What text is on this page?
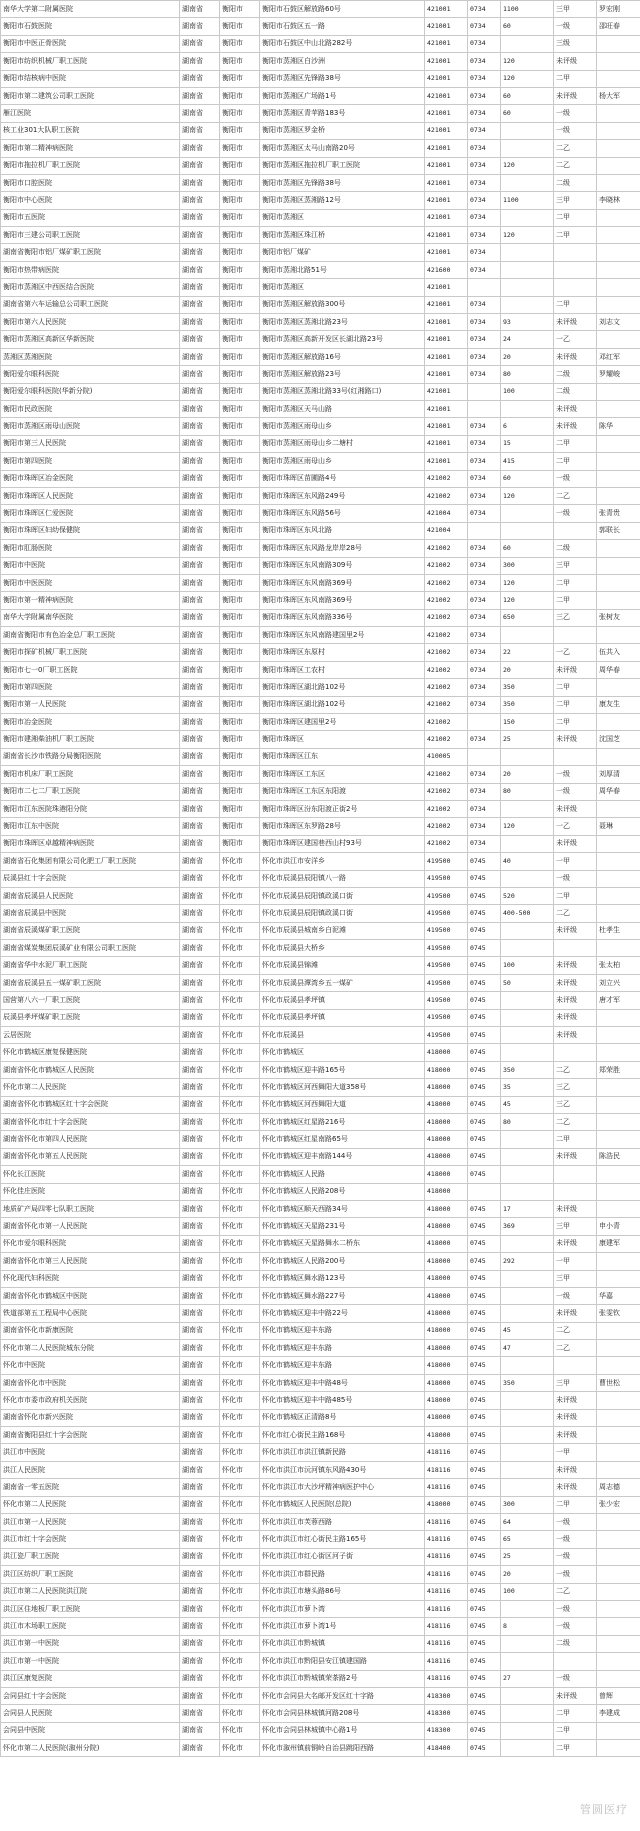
南华大学第二附属医院	湖南省	衡阳市	衡阳市石鼓区解放路60号	421001	0734	1100	三甲	罗宏刚
衡阳市石鼓医院	湖南省	衡阳市	衡阳市石鼓区五一路	421001	0734	60	一级	邵旺春
衡阳市中医正骨医院	湖南省	衡阳市	衡阳市石鼓区中山北路282号	421001	0734		三级	
衡阳市纺织机械厂职工医院	湖南省	衡阳市	衡阳市蒸湘区白沙洲	421001	0734	120	未评级	
衡阳市结核病中医院	湖南省	衡阳市	衡阳市蒸湘区先锋路38号	421001	0734	120	二甲	
衡阳市第二建筑公司职工医院	湖南省	衡阳市	衡阳市蒸湘区广场路1号	421001	0734	60	未评级	杨大军
雁江医院	湖南省	衡阳市	衡阳市蒸湘区青苹路183号	421001	0734	60	一级	
核工业301大队职工医院	湖南省	衡阳市	衡阳市蒸湘区罗金桥	421001	0734		一级	
衡阳市第二精神病医院	湖南省	衡阳市	衡阳市蒸湘区太马山南路20号	421001	0734		二乙	
衡阳市拖拉机厂职工医院	湖南省	衡阳市	衡阳市蒸湘区拖拉机厂职工医院	421001	0734	120	二乙	
衡阳市口腔医院	湖南省	衡阳市	衡阳市蒸湘区先锋路38号	421001	0734		二级	
衡阳市中心医院	湖南省	衡阳市	衡阳市蒸湘区蒸湘路12号	421001	0734	1100	三甲	李晓林
衡阳市五医院	湖南省	衡阳市	衡阳市蒸湘区	421001	0734		二甲	
衡阳市三建公司职工医院	湖南省	衡阳市	衡阳市蒸湘区珠江桥	421001	0734	120	二甲	
湖南省衡阳市铝厂煤矿职工医院	湖南省	衡阳市	衡阳市铝厂煤矿	421001	0734			
衡阳市热带病医院	湖南省	衡阳市	衡阳市蒸湘北路51号	421600	0734			
衡阳市蒸湘区中西医结合医院	湖南省	衡阳市	衡阳市蒸湘区	421001				
湖南省第六车运输总公司职工医院	湖南省	衡阳市	衡阳市蒸湘区解放路300号	421001	0734		二甲	
衡阳市第六人民医院	湖南省	衡阳市	衡阳市蒸湘区蒸湘北路23号	421001	0734	93	未评级	刘志文
衡阳市蒸湘区高新区华新医院	湖南省	衡阳市	衡阳市蒸湘区高新开发区长湖北路23号	421001	0734	24	一乙	
蒸湘区蒸湘医院	湖南省	衡阳市	衡阳市蒸湘区解放路16号	421001	0734	20	未评级	邓红军
衡阳爱尔眼科医院	湖南省	衡阳市	衡阳市蒸湘区解放路23号	421001	0734	80	二级	罗耀峻
衡阳爱尔眼科医院(华新分院)	湖南省	衡阳市	衡阳市蒸湘区蒸湘北路33号(红湘路口)	421001		100	二级	
衡阳市民政医院	湖南省	衡阳市	衡阳市蒸湘区天马山路	421001			未评级	
衡阳市蒸湘区雨母山医院	湖南省	衡阳市	衡阳市蒸湘区雨母山乡	421001	0734	6	未评级	陈华
衡阳市第三人民医院	湖南省	衡阳市	衡阳市蒸湘区雨母山乡二塘村	421001	0734	15	二甲	
衡阳市第四医院	湖南省	衡阳市	衡阳市蒸湘区雨母山乡	421001	0734	415	二甲	
衡阳市珠晖区冶金医院	湖南省	衡阳市	衡阳市珠晖区苗圃路4号	421002	0734	60	一级	
衡阳市珠晖区人民医院	湖南省	衡阳市	衡阳市珠晖区东风路249号	421002	0734	120	二乙	
衡阳市珠晖区仁爱医院	湖南省	衡阳市	衡阳市珠晖区东风路56号	421004	0734		一级	张青贵
衡阳市珠晖区妇幼保健院	湖南省	衡阳市	衡阳市珠晖区东风北路	421004				郭联长
衡阳市肛肠医院	湖南省	衡阳市	衡阳市珠晖区东风路龙岸岸28号	421002	0734	60	二级	
衡阳市中医院	湖南省	衡阳市	衡阳市珠晖区东风南路309号	421002	0734	300	三甲	
衡阳市中医医院	湖南省	衡阳市	衡阳市珠晖区东风南路369号	421002	0734	120	二甲	
衡阳市第一精神病医院	湖南省	衡阳市	衡阳市珠晖区东风南路369号	421002	0734	120	二甲	
南华大学附属南华医院	湖南省	衡阳市	衡阳市珠晖区东风南路336号	421002	0734	650	三乙	张树友
湖南省衡阳市有色冶金总厂职工医院	湖南省	衡阳市	衡阳市珠晖区东风南路建国里2号	421002	0734			
衡阳市探矿机械厂职工医院	湖南省	衡阳市	衡阳市珠晖区东原村	421002	0734	22	一乙	伍共入
衡阳市七一0厂职工医院	湖南省	衡阳市	衡阳市珠晖区工农村	421002	0734	20	未评级	周华春
衡阳市第四医院	湖南省	衡阳市	衡阳市珠晖区湖北路102号	421002	0734	350	二甲	
衡阳市第一人民医院	湖南省	衡阳市	衡阳市珠晖区湖北路102号	421002	0734	350	二甲	康友生
衡阳市冶金医院	湖南省	衡阳市	衡阳市珠晖区建国里2号	421002		150	二甲	
衡阳市建湘柴油机厂职工医院	湖南省	衡阳市	衡阳市珠晖区	421002	0734	25	未评级	沈国芝
湖南省长沙市铁路分局衡阳医院	湖南省	衡阳市	衡阳市珠晖区江东	410005				
衡阳市机床厂职工医院	湖南省	衡阳市	衡阳市珠晖区工东区	421002	0734	20	一级	刘厚清
衡阳市二七二厂职工医院	湖南省	衡阳市	衡阳市珠晖区工东区东阳渡	421002	0734	80	一级	周华春
衡阳市江东医院珠港阳分院	湖南省	衡阳市	衡阳市珠晖区汾东阳渡正街2号	421002	0734		未评级	
衡阳市江东中医院	湖南省	衡阳市	衡阳市珠晖区东罗路28号	421002	0734	120	一乙	聂琳
衡阳市珠晖区卓越精神病医院	湖南省	衡阳市	衡阳市珠晖区建国巷西山村93号	421002	0734		未评级	
湖南省石化集团有限公司化肥工厂职工医院	湖南省	怀化市	怀化市洪江市安洋乡	419500	0745	40	一甲	
辰溪县红十字会医院	湖南省	怀化市	怀化市辰溪县辰阳镇八一路	419500	0745		一级	
湖南省辰溪县人民医院	湖南省	怀化市	怀化市辰溪县辰阳镇政溪口街	419500	0745	520	二甲	
湖南省辰溪县中医院	湖南省	怀化市	怀化市辰溪县辰阳镇政溪口街	419500	0745	400-500	二乙	
湖南省辰溪煤矿职工医院	湖南省	怀化市	怀化市辰溪县城南乡白泥滩	419500	0745		未评级	杜孝生
湖南省煤炭集团辰溪矿业有限公司职工医院	湖南省	怀化市	怀化市辰溪县大桥乡	419500	0745			
湖南省华中水泥厂职工医院	湖南省	怀化市	怀化市辰溪县锦滩	419500	0745	100	未评级	张太柏
湖南省辰溪县五一煤矿职工医院	湖南省	怀化市	怀化市辰溪县潭湾乡五一煤矿	419500	0745	50	未评级	刘立兴
国营第八六一厂职工医院	湖南省	怀化市	怀化市辰溪县孝坪镇	419500	0745		未评级	唐才军
辰溪县孝坪煤矿职工医院	湖南省	怀化市	怀化市辰溪县孝坪镇	419500	0745		未评级	
云居医院	湖南省	怀化市	怀化市辰溪县	419500	0745		未评级	
怀化市鹤城区康复保健医院	湖南省	怀化市	怀化市鹤城区	418000	0745			
湖南省怀化市鹤城区人民医院	湖南省	怀化市	怀化市鹤城区迎丰路165号	418000	0745	350	二乙	郑荣胜
怀化市第二人民医院	湖南省	怀化市	怀化市鹤城区河西舞阳大道358号	418000	0745	35	三乙	
湖南省怀化市鹤城区红十字会医院	湖南省	怀化市	怀化市鹤城区河西舞阳大道	418000	0745	45	三乙	
湖南省怀化市红十字会医院	湖南省	怀化市	怀化市鹤城区红星路216号	418000	0745	80	二乙	
湖南省怀化市第四人民医院	湖南省	怀化市	怀化市鹤城区红星南路65号	418000	0745		二甲	
湖南省怀化市第五人民医院	湖南省	怀化市	怀化市鹤城区迎丰南路144号	418000	0745		未评级	陈浩民
怀化长江医院	湖南省	怀化市	怀化市鹤城区人民路	418000	0745			
怀化佳庄医院	湖南省	怀化市	怀化市鹤城区人民路208号	418000				
地质矿产局四零七队职工医院	湖南省	怀化市	怀化市鹤城区顺天西路34号	418000	0745	17	未评级	
湖南省怀化市第一人民医院	湖南省	怀化市	怀化市鹤城区天星路231号	418000	0745	369	三甲	申小青
怀化市爱尔眼科医院	湖南省	怀化市	怀化市鹤城区天星路舞水二桥东	418000	0745		未评级	康建军
湖南省怀化市第三人民医院	湖南省	怀化市	怀化市鹤城区人民路200号	418000	0745	292	一甲	
怀化现代妇科医院	湖南省	怀化市	怀化市鹤城区舞水路123号	418000	0745		三甲	
湖南省怀化市鹤城区中医院	湖南省	怀化市	怀化市鹤城区舞水路227号	418000	0745		一级	华嘉
铁道部第五工程局中心医院	湖南省	怀化市	怀化市鹤城区迎丰中路22号	418000	0745		未评级	张雯钦
湖南省怀化市新康医院	湖南省	怀化市	怀化市鹤城区迎丰东路	418000	0745	45	二乙	
怀化市第二人民医院城东分院	湖南省	怀化市	怀化市鹤城区迎丰东路	418000	0745	47	二乙	
怀化市中医院	湖南省	怀化市	怀化市鹤城区迎丰东路	418000	0745			
湖南省怀化市中医院	湖南省	怀化市	怀化市鹤城区迎丰中路48号	418000	0745	350	三甲	曹世松
怀化市市委市政府机关医院	湖南省	怀化市	怀化市鹤城区迎丰中路485号	418000	0745		未评级	
湖南省怀化市新兴医院	湖南省	怀化市	怀化市鹤城区正清路8号	418000	0745		未评级	
湖南省衡阳县红十字会医院	湖南省	怀化市	怀化市红心街民主路168号	418000	0745		未评级	
洪江市中医院	湖南省	怀化市	怀化市洪江市洪江镇新民路	418116	0745		一甲	
洪江人民医院	湖南省	怀化市	怀化市洪江市沅河镇东风路430号	418116	0745		未评级	
湖南省一零五医院	湖南省	怀化市	怀化市洪江市大沙坪精神病医护中心	418116	0745		未评级	周志德
怀化市第二人民医院	湖南省	怀化市	怀化市鹤城区人民医院(总院)	418000	0745	300	二甲	张少宏
洪江市第一人民医院	湖南省	怀化市	怀化市洪江市芙蓉西路	418116	0745	64	一级	
洪江市红十字会医院	湖南省	怀化市	怀化市洪江市红心街民主路165号	418116	0745	65	一级	
洪江瓷厂职工医院	湖南省	怀化市	怀化市洪江市红心街区河子街	418116	0745	25	一级	
洪江区纺织厂职工医院	湖南省	怀化市	怀化市洪江市群民路	418116	0745	20	一级	
洪江市第二人民医院洪江院	湖南省	怀化市	怀化市洪江市塘头路86号	418116	0745	100	二乙	
洪江区住地板厂职工医院	湖南省	怀化市	怀化市洪江市萝卜湾	418116	0745		一级	
洪江市木场职工医院	湖南省	怀化市	怀化市洪江市萝卜湾1号	418116	0745	8	一级	
洪江市第一中医院	湖南省	怀化市	怀化市洪江市黔城镇	418116	0745		二级	
洪江市第一中医院	湖南省	怀化市	怀化市洪江市黔阳县安江镇建国路	418116	0745			
洪江区康复医院	湖南省	怀化市	怀化市洪江市黔城镇荣茶路2号	418116	0745	27	一级	
会同县红十字会医院	湖南省	怀化市	怀化市会同县大名邮开发区红十字路	418300	0745		未评级	曾辉
会同县人民医院	湖南省	怀化市	怀化市会同县林城镇河路208号	418300	0745		二甲	李建成
会同县中医院	湖南省	怀化市	怀化市会同县林城镇中心路1号	418300	0745		二甲	
怀化市第二人民医院(溆州分院)	湖南省	怀化市	怀化市溆州镇前铜岭自治县跳阳西路	418400	0745		二甲	
管圆医疗
